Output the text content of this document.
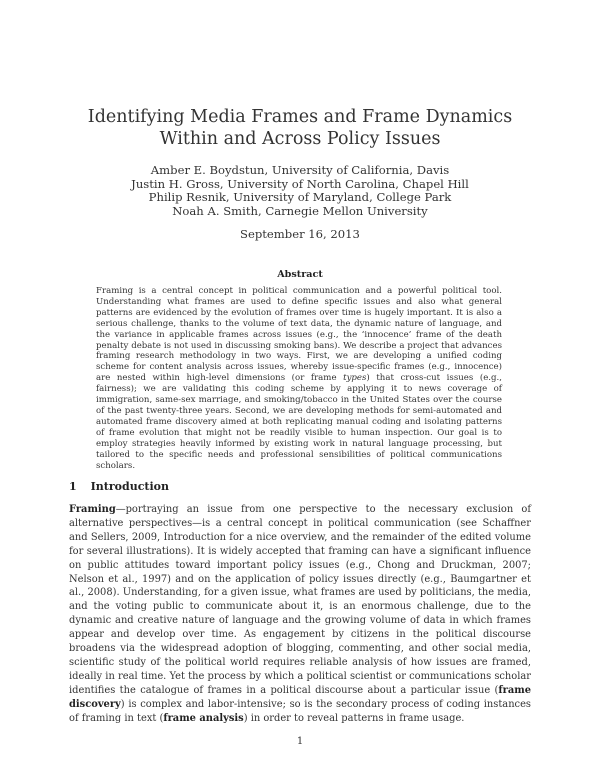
Identifying Media Frames and Frame Dynamics
Within and Across Policy Issues
Amber E. Boydstun, University of California, Davis
Justin H. Gross, University of North Carolina, Chapel Hill
Philip Resnik, University of Maryland, College Park
Noah A. Smith, Carnegie Mellon University
September 16, 2013
Abstract

Framing is a central concept in political communication and a powerful political tool. Understanding what frames are used to define specific issues and also what general patterns are evidenced by the evolution of frames over time is hugely important. It is also a serious challenge, thanks to the volume of text data, the dynamic nature of language, and the variance in applicable frames across issues (e.g., the ‘innocence’ frame of the death penalty debate is not used in discussing smoking bans). We describe a project that advances framing research methodology in two ways. First, we are developing a unified coding scheme for content analysis across issues, whereby issue-specific frames (e.g., innocence) are nested within high-level dimensions (or frame types) that cross-cut issues (e.g., fairness); we are validating this coding scheme by applying it to news coverage of immigration, same-sex marriage, and smoking/tobacco in the United States over the course of the past twenty-three years. Second, we are developing methods for semi-automated and automated frame discovery aimed at both replicating manual coding and isolating patterns of frame evolution that might not be readily visible to human inspection. Our goal is to employ strategies heavily informed by existing work in natural language processing, but tailored to the specific needs and professional sensibilities of political communications scholars.

1 Introduction

Framing—portraying an issue from one perspective to the necessary exclusion of alternative perspectives—is a central concept in political communication (see Schaffner and Sellers, 2009, Introduction for a nice overview, and the remainder of the edited volume for several illustrations). It is widely accepted that framing can have a significant influence on public attitudes toward important policy issues (e.g., Chong and Druckman, 2007; Nelson et al., 1997) and on the application of policy issues directly (e.g., Baumgartner et al., 2008). Understanding, for a given issue, what frames are used by politicians, the media, and the voting public to communicate about it, is an enormous challenge, due to the dynamic and creative nature of language and the growing volume of data in which frames appear and develop over time. As engagement by citizens in the political discourse broadens via the widespread adoption of blogging, commenting, and other social media, scientific study of the political world requires reliable analysis of how issues are framed, ideally in real time. Yet the process by which a political scientist or communications scholar identifies the catalogue of frames in a political discourse about a particular issue (frame discovery) is complex and labor-intensive; so is the secondary process of coding instances of framing in text (frame analysis) in order to reveal patterns in frame usage.

1
